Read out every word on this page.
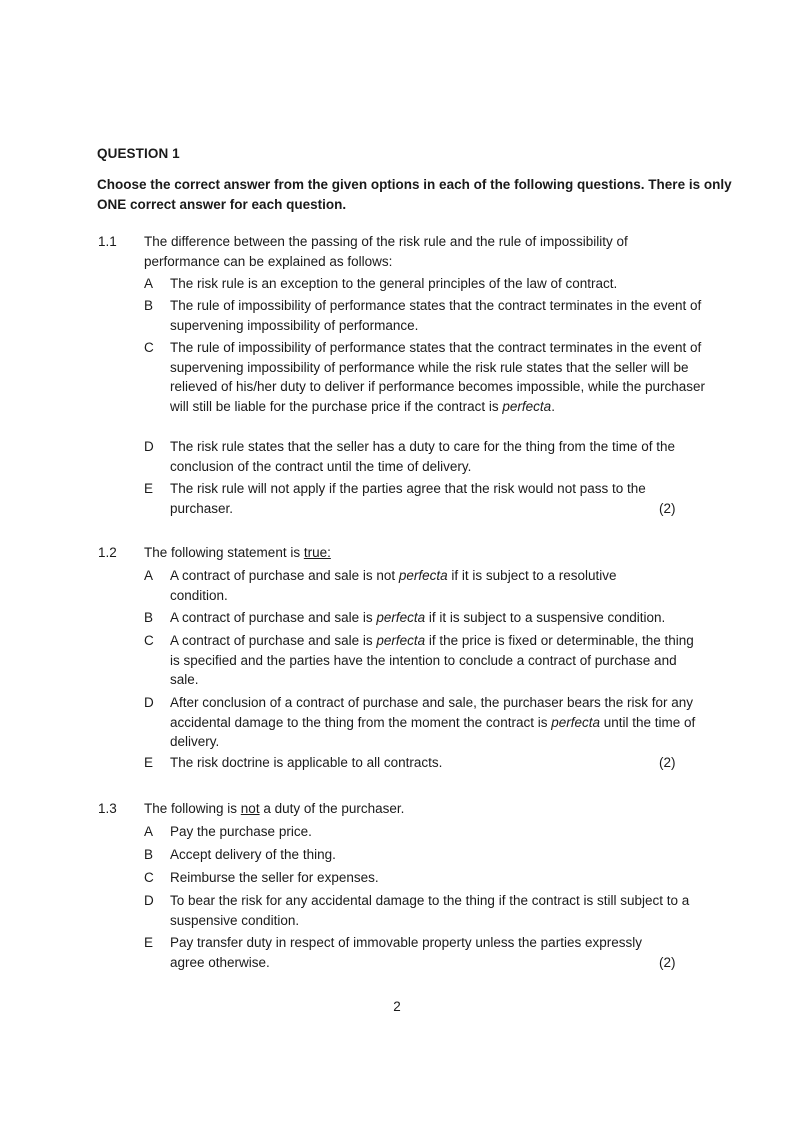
QUESTION 1
Choose the correct answer from the given options in each of the following questions. There is only ONE correct answer for each question.
1.1 The difference between the passing of the risk rule and the rule of impossibility of performance can be explained as follows:
A	The risk rule is an exception to the general principles of the law of contract.
B	The rule of impossibility of performance states that the contract terminates in the event of supervening impossibility of performance.
C	The rule of impossibility of performance states that the contract terminates in the event of supervening impossibility of performance while the risk rule states that the seller will be relieved of his/her duty to deliver if performance becomes impossible, while the purchaser will still be liable for the purchase price if the contract is perfecta.
D	The risk rule states that the seller has a duty to care for the thing from the time of the conclusion of the contract until the time of delivery.
E	The risk rule will not apply if the parties agree that the risk would not pass to the purchaser.	(2)
1.2 The following statement is true:
A	A contract of purchase and sale is not perfecta if it is subject to a resolutive condition.
B	A contract of purchase and sale is perfecta if it is subject to a suspensive condition.
C	A contract of purchase and sale is perfecta if the price is fixed or determinable, the thing is specified and the parties have the intention to conclude a contract of purchase and sale.
D	After conclusion of a contract of purchase and sale, the purchaser bears the risk for any accidental damage to the thing from the moment the contract is perfecta until the time of delivery.
E	The risk doctrine is applicable to all contracts.	(2)
1.3 The following is not a duty of the purchaser.
A	Pay the purchase price.
B	Accept delivery of the thing.
C	Reimburse the seller for expenses.
D	To bear the risk for any accidental damage to the thing if the contract is still subject to a suspensive condition.
E	Pay transfer duty in respect of immovable property unless the parties expressly agree otherwise.	(2)
2
